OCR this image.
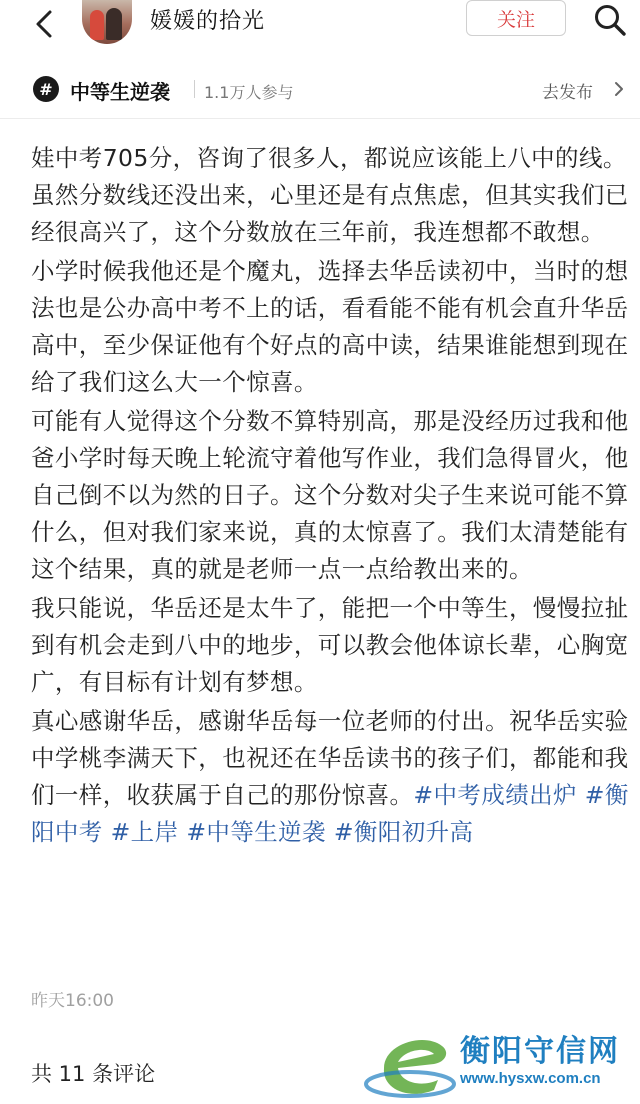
媛媛的拾光	关注
# 中等生逆袭 1.1万人参与	去发布

娃中考705分，咨询了很多人，都说应该能上八中的线。虽然分数线还没出来，心里还是有点焦虑，但其实我们已经很高兴了，这个分数放在三年前，我连想都不敢想。

小学时候我他还是个魔丸，选择去华岳读初中，当时的想法也是公办高中考不上的话，看看能不能有机会直升华岳高中，至少保证他有个好点的高中读，结果谁能想到现在给了我们这么大一个惊喜。

可能有人觉得这个分数不算特别高，那是没经历过我和他爸小学时每天晚上轮流守着他写作业，我们急得冒火，他自己倒不以为然的日子。这个分数对尖子生来说可能不算什么，但对我们家来说，真的太惊喜了。我们太清楚能有这个结果，真的就是老师一点一点给教出来的。

我只能说，华岳还是太牛了，能把一个中等生，慢慢拉扯到有机会走到八中的地步，可以教会他体谅长辈，心胸宽广，有目标有计划有梦想。

真心感谢华岳，感谢华岳每一位老师的付出。祝华岳实验中学桃李满天下，也祝还在华岳读书的孩子们，都能和我们一样，收获属于自己的那份惊喜。#中考成绩出炉 #衡阳中考 #上岸 #中等生逆袭 #衡阳初升高

昨天16:00
共 11 条评论
衡阳守信网
www.hysxw.com.cn
